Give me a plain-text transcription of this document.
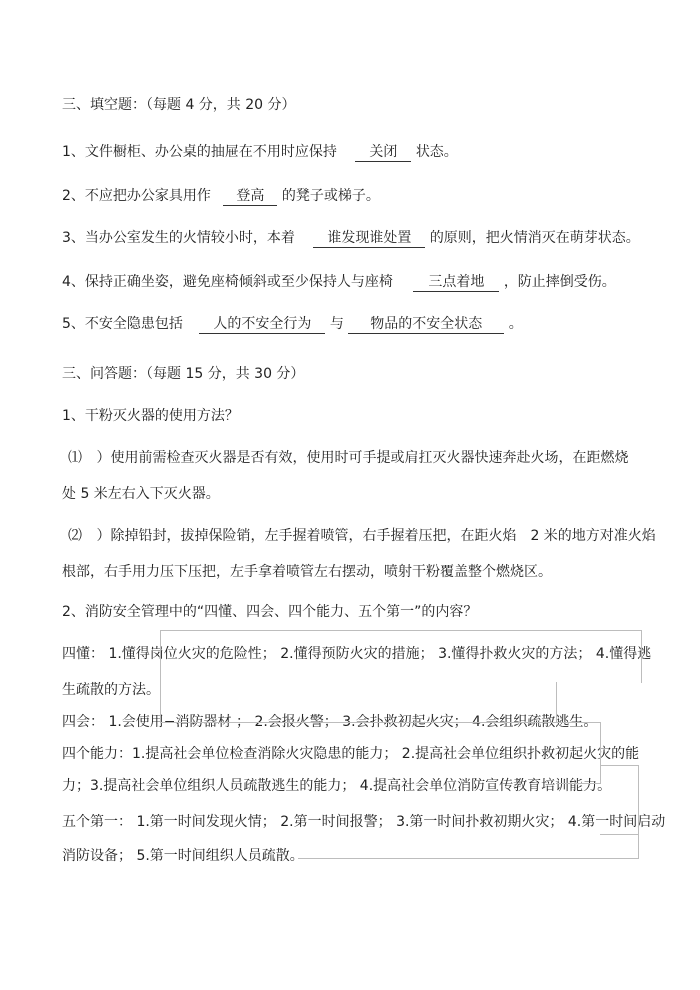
三、填空题：（每题 4 分，共 20 分）
1、文件橱柜、办公桌的抽屉在不用时应保持 关闭 状态。
2、不应把办公家具用作 登高 的凳子或梯子。
3、当办公室发生的火情较小时，本着 谁发现谁处置 的原则，把火情消灭在萌芽状态。
4、保持正确坐姿，避免座椅倾斜或至少保持人与座椅	三点着地 ，防止摔倒受伤。
5、不安全隐患包括 人的不安全行为 与 物品的不安全状态 。
三、问答题：（每题 15 分，共 30 分）
1、干粉灭火器的使用方法？
⑴ ）使用前需检查灭火器是否有效，使用时可手提或肩扛灭火器快速奔赴火场，在距燃烧
处 5 米左右入下灭火器。
⑵ ）除掉铅封，拔掉保险销，左手握着喷管，右手握着压把，在距火焰　2 米的地方对准火焰
根部，右手用力压下压把，左手拿着喷管左右摆动，喷射干粉覆盖整个燃烧区。
2、消防安全管理中的“四懂、四会、四个能力、五个第一”的内容？
四懂： 1.懂得岗位火灾的危险性； 2.懂得预防火灾的措施； 3.懂得扑救火灾的方法； 4.懂得逃
生疏散的方法。
四会： 1.会使用−消防器材 ； 2.会报火警； 3.会扑救初起火灾； 4.会组织疏散逃生。
四个能力：1.提高社会单位检查消除火灾隐患的能力； 2.提高社会单位组织扑救初起火灾的能
力；3.提高社会单位组织人员疏散逃生的能力； 4.提高社会单位消防宣传教育培训能力。
五个第一： 1.第一时间发现火情； 2.第一时间报警； 3.第一时间扑救初期火灾； 4.第一时间启动
消防设备； 5.第一时间组织人员疏散。
